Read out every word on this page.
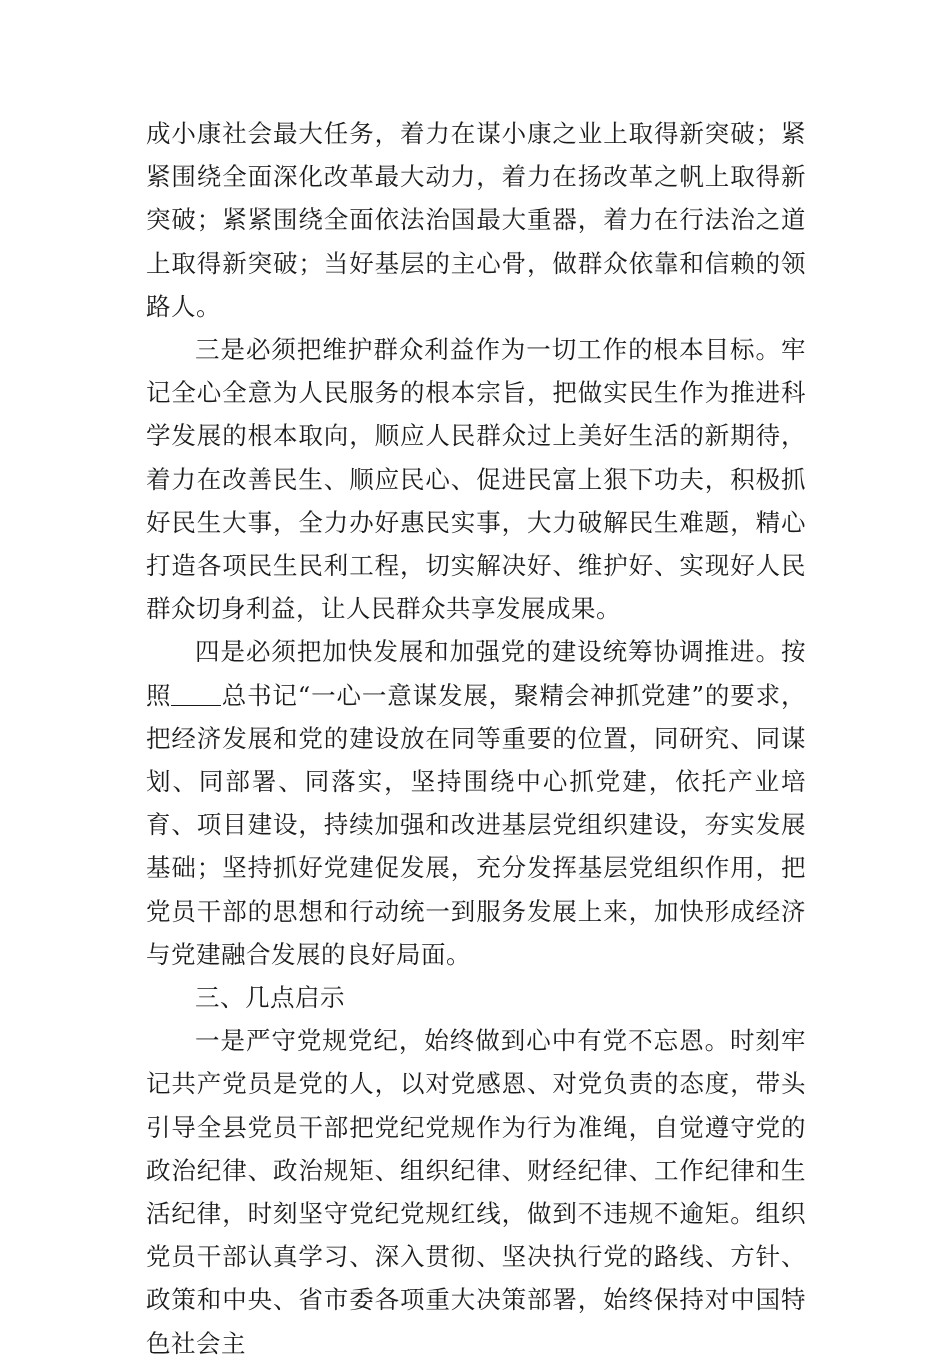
成小康社会最大任务，着力在谋小康之业上取得新突破；紧紧围绕全面深化改革最大动力，着力在扬改革之帆上取得新突破；紧紧围绕全面依法治国最大重器，着力在行法治之道上取得新突破；当好基层的主心骨，做群众依靠和信赖的领路人。

三是必须把维护群众利益作为一切工作的根本目标。牢记全心全意为人民服务的根本宗旨，把做实民生作为推进科学发展的根本取向，顺应人民群众过上美好生活的新期待，着力在改善民生、顺应民心、促进民富上狠下功夫，积极抓好民生大事，全力办好惠民实事，大力破解民生难题，精心打造各项民生民利工程，切实解决好、维护好、实现好人民群众切身利益，让人民群众共享发展成果。

四是必须把加快发展和加强党的建设统筹协调推进。按照 总书记“一心一意谋发展，聚精会神抓党建”的要求，把经济发展和党的建设放在同等重要的位置，同研究、同谋划、同部署、同落实，坚持围绕中心抓党建，依托产业培育、项目建设，持续加强和改进基层党组织建设，夯实发展基础；坚持抓好党建促发展，充分发挥基层党组织作用，把党员干部的思想和行动统一到服务发展上来，加快形成经济与党建融合发展的良好局面。

三、几点启示

一是严守党规党纪，始终做到心中有党不忘恩。时刻牢记共产党员是党的人，以对党感恩、对党负责的态度，带头引导全县党员干部把党纪党规作为行为准绳，自觉遵守党的政治纪律、政治规矩、组织纪律、财经纪律、工作纪律和生活纪律，时刻坚守党纪党规红线，做到不违规不逾矩。组织党员干部认真学习、深入贯彻、坚决执行党的路线、方针、政策和中央、省市委各项重大决策部署，始终保持对中国特色社会主
